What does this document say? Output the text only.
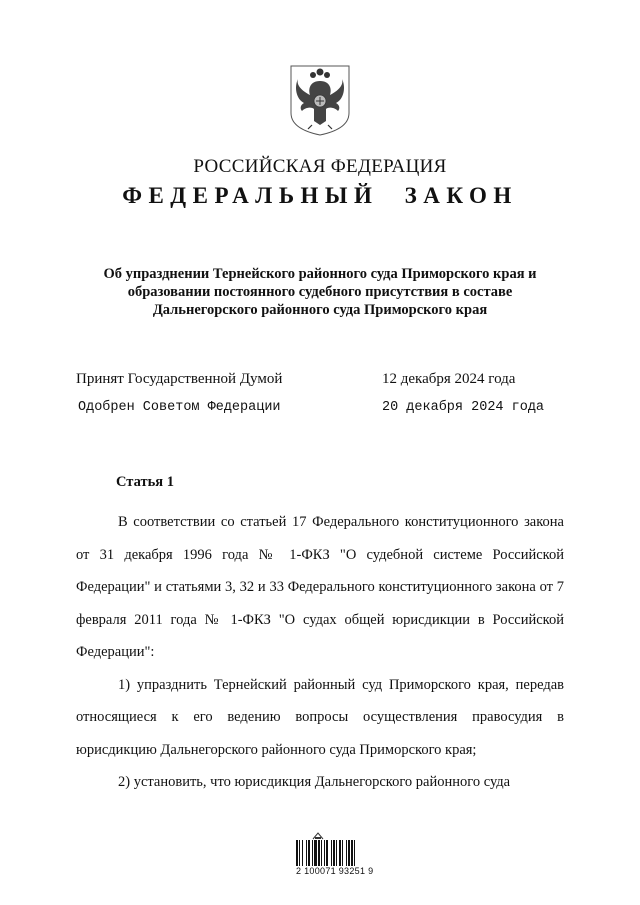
РОССИЙСКАЯ ФЕДЕРАЦИЯ
ФЕДЕРАЛЬНЫЙ ЗАКОН
Об упразднении Тернейского районного суда Приморского края и
образовании постоянного судебного присутствия в составе
Дальнегорского районного суда Приморского края
Принят Государственной Думой	12 декабря 2024 года
Одобрен Советом Федерации	20 декабря 2024 года
Статья 1

В соответствии со статьей 17 Федерального конституционного закона от 31 декабря 1996 года № 1-ФКЗ "О судебной системе Российской Федерации" и статьями 3, 32 и 33 Федерального конституционного закона от 7 февраля 2011 года № 1-ФКЗ "О судах общей юрисдикции в Российской Федерации":

1) упразднить Тернейский районный суд Приморского края, передав относящиеся к его ведению вопросы осуществления правосудия в юрисдикцию Дальнегорского районного суда Приморского края;

2) установить, что юрисдикция Дальнегорского районного суда

2 100071 93251 9
